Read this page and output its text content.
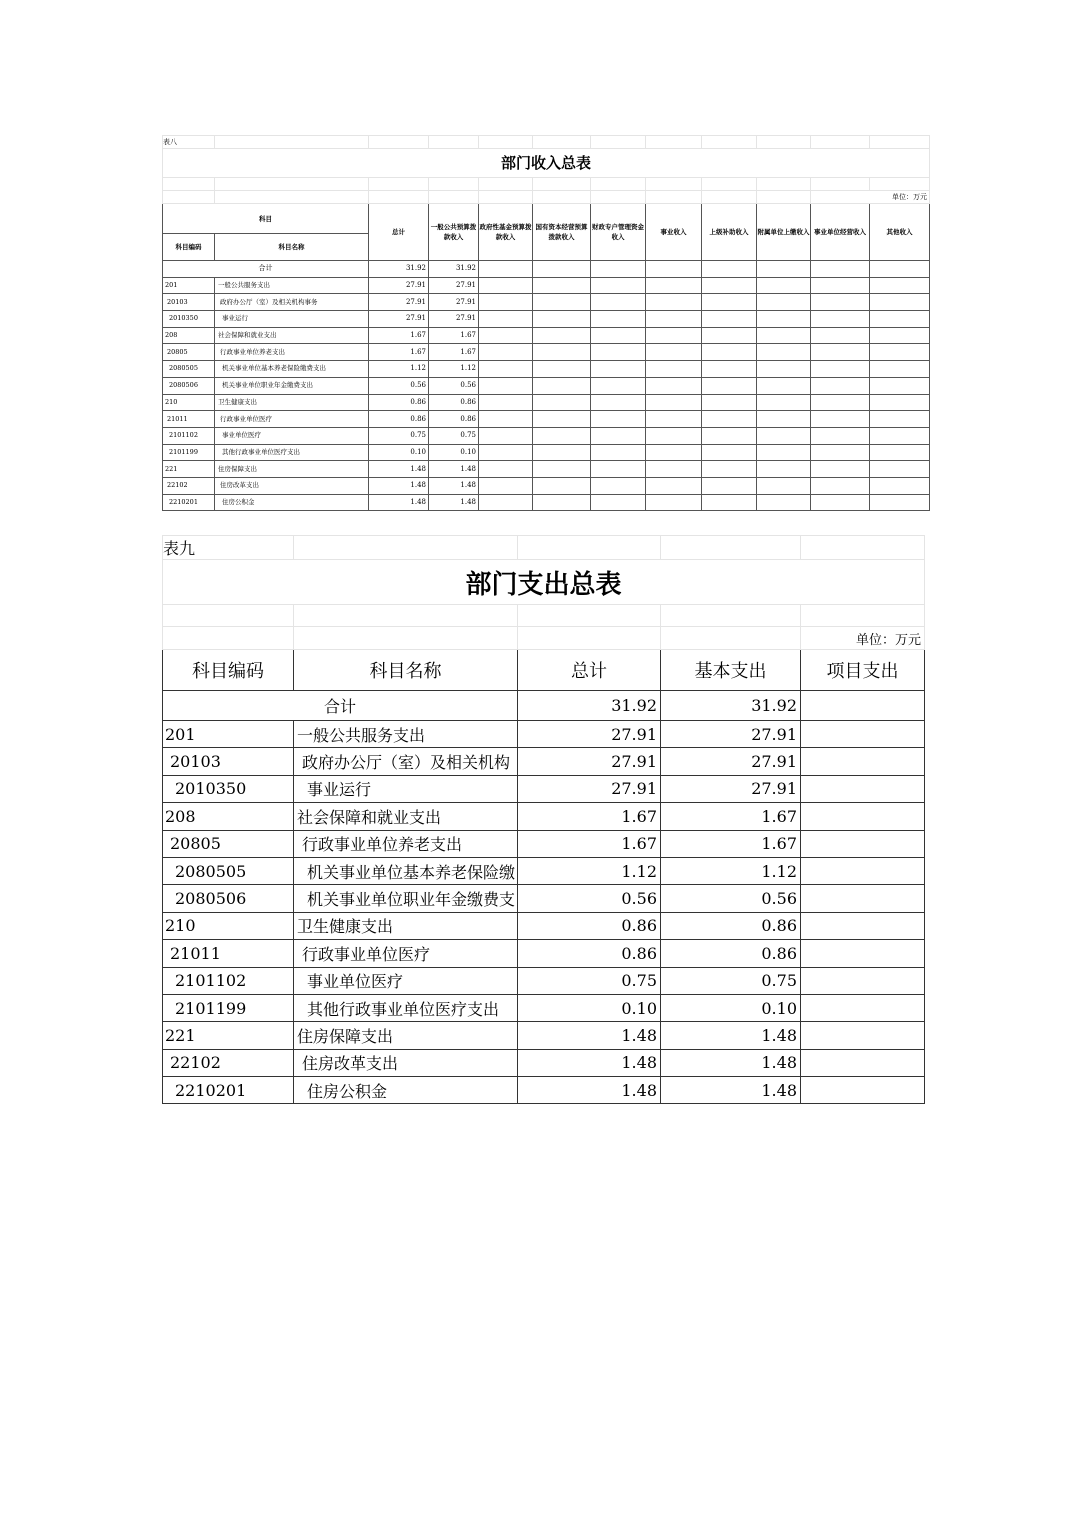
表八											
部门收入总表											

										单位：万元	
科目		总计	一般公共预算拨款收入	政府性基金预算拨款收入	国有资本经营预算拨款收入	财政专户管理资金收入	事业收入	上级补助收入	附属单位上缴收入	事业单位经营收入	其他收入
科目编码	科目名称										
合计		31.92	31.92								
201	一般公共服务支出	27.91	27.91								
20103	政府办公厅（室）及相关机构事务	27.91	27.91								
2010350	事业运行	27.91	27.91								
208	社会保障和就业支出	1.67	1.67								
20805	行政事业单位养老支出	1.67	1.67								
2080505	机关事业单位基本养老保险缴费支出	1.12	1.12								
2080506	机关事业单位职业年金缴费支出	0.56	0.56								
210	卫生健康支出	0.86	0.86								
21011	行政事业单位医疗	0.86	0.86								
2101102	事业单位医疗	0.75	0.75								
2101199	其他行政事业单位医疗支出	0.10	0.10								
221	住房保障支出	1.48	1.48								
22102	住房改革支出	1.48	1.48								
2210201	住房公积金	1.48	1.48								
表九				
部门支出总表				

				单位：万元
科目编码	科目名称	总计	基本支出	项目支出
合计		31.92	31.92	
201	一般公共服务支出	27.91	27.91	
20103	政府办公厅（室）及相关机构	27.91	27.91	
2010350	事业运行	27.91	27.91	
208	社会保障和就业支出	1.67	1.67	
20805	行政事业单位养老支出	1.67	1.67	
2080505	机关事业单位基本养老保险缴	1.12	1.12	
2080506	机关事业单位职业年金缴费支	0.56	0.56	
210	卫生健康支出	0.86	0.86	
21011	行政事业单位医疗	0.86	0.86	
2101102	事业单位医疗	0.75	0.75	
2101199	其他行政事业单位医疗支出	0.10	0.10	
221	住房保障支出	1.48	1.48	
22102	住房改革支出	1.48	1.48	
2210201	住房公积金	1.48	1.48	
